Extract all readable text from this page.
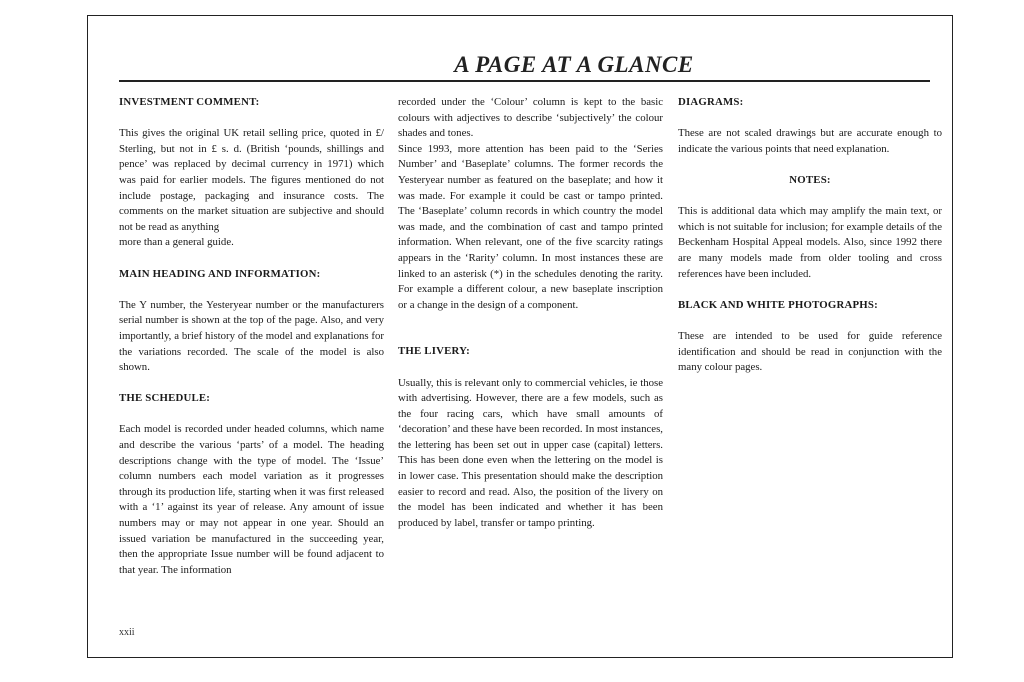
A PAGE AT A GLANCE
INVESTMENT COMMENT:

This gives the original UK retail selling price, quoted in £/ Sterling, but not in £ s. d. (British ‘pounds, shillings and pence’ was replaced by decimal currency in 1971) which was paid for earlier models. The figures mentioned do not include postage, packaging and insurance costs. The comments on the market situation are subjective and should not be read as anything

more than a general guide.

MAIN HEADING AND INFORMATION:

The Y number, the Yesteryear number or the manufacturers serial number is shown at the top of the page. Also, and very importantly, a brief history of the model and explanations for the variations recorded. The scale of the model is also shown.

THE SCHEDULE:

Each model is recorded under headed columns, which name and describe the various ‘parts’ of a model. The heading descriptions change with the type of model. The ‘Issue’ column numbers each model variation as it progresses through its production life, starting when it was first released with a ‘1’ against its year of release. Any amount of issue numbers may or may not appear in one year. Should an issued variation be manufactured in the succeeding year, then the appropriate Issue number will be found adjacent to that year. The information

recorded under the ‘Colour’ column is kept to the basic colours with adjectives to describe ‘subjectively’ the colour shades and tones.

Since 1993, more attention has been paid to the ‘Series Number’ and ‘Baseplate’ columns. The former records the Yesteryear number as featured on the baseplate; and how it was made. For example it could be cast or tampo printed. The ‘Baseplate’ column records in which country the model was made, and the combination of cast and tampo printed information. When relevant, one of the five scarcity ratings appears in the ‘Rarity’ column. In most instances these are linked to an asterisk (*) in the schedules denoting the rarity. For example a different colour, a new baseplate inscription or a change in the design of a component.

THE LIVERY:

Usually, this is relevant only to commercial vehicles, ie those with advertising. However, there are a few models, such as the four racing cars, which have small amounts of ‘decoration’ and these have been recorded. In most instances, the lettering has been set out in upper case (capital) letters. This has been done even when the lettering on the model is in lower case. This presentation should make the description easier to record and read. Also, the position of the livery on the model has been indicated and whether it has been produced by label, transfer or tampo printing.

DIAGRAMS:

These are not scaled drawings but are accurate enough to indicate the various points that need explanation.

NOTES:

This is additional data which may amplify the main text, or which is not suitable for inclusion; for example details of the Beckenham Hospital Appeal models. Also, since 1992 there are many models made from older tooling and cross references have been included.

BLACK AND WHITE PHOTOGRAPHS:

These are intended to be used for guide reference identification and should be read in conjunction with the many colour pages.

xxii
